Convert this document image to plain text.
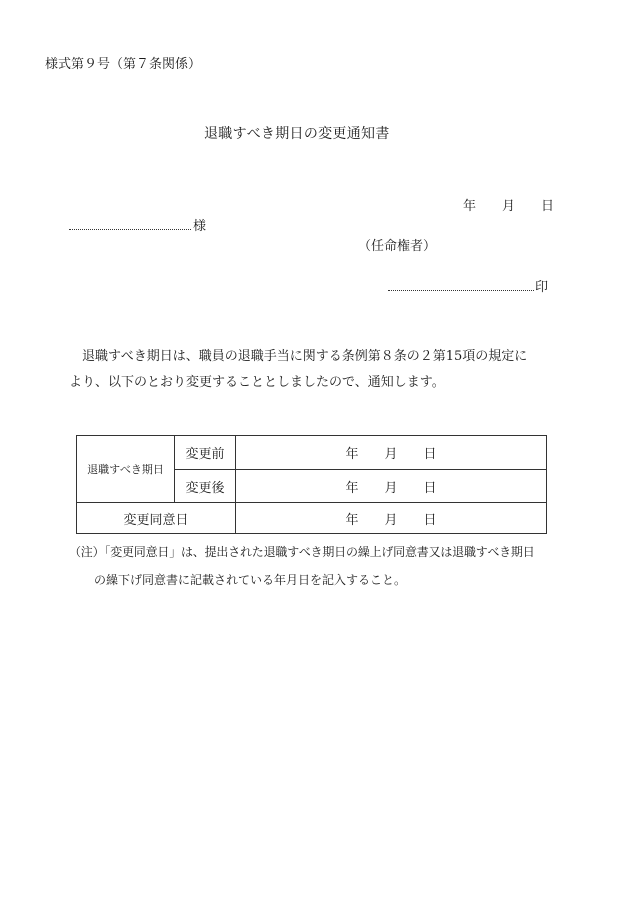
様式第９号（第７条関係）
退職すべき期日の変更通知書
年 月 日
様
（任命権者）
印
退職すべき期日は、職員の退職手当に関する条例第８条の２第15項の規定に
より、以下のとおり変更することとしましたので、通知します。
退職すべき期日	変更前	年 月 日
	変更後	年 月 日
変更同意日		年 月 日
（注）「変更同意日」は、提出された退職すべき期日の繰上げ同意書又は退職すべき期日
の繰下げ同意書に記載されている年月日を記入すること。
